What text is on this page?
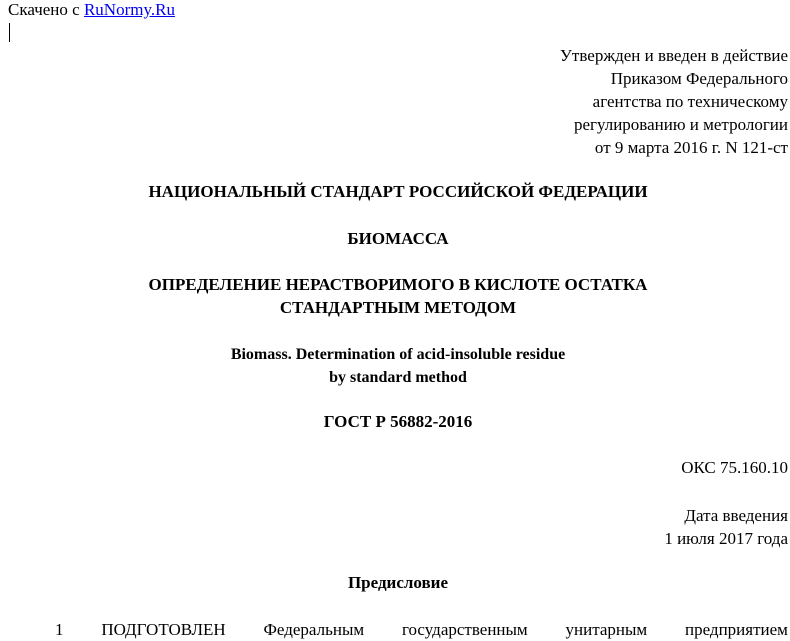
Скачено с RuNormy.Ru
Утвержден и введен в действие
Приказом Федерального
агентства по техническому
регулированию и метрологии
от 9 марта 2016 г. N 121-ст
НАЦИОНАЛЬНЫЙ СТАНДАРТ РОССИЙСКОЙ ФЕДЕРАЦИИ
БИОМАССА
ОПРЕДЕЛЕНИЕ НЕРАСТВОРИМОГО В КИСЛОТЕ ОСТАТКА
СТАНДАРТНЫМ МЕТОДОМ
Biomass. Determination of acid-insoluble residue
by standard method
ГОСТ Р 56882-2016
ОКС 75.160.10
Дата введения
1 июля 2017 года
Предисловие
1 ПОДГОТОВЛЕН Федеральным государственным унитарным предприятием
